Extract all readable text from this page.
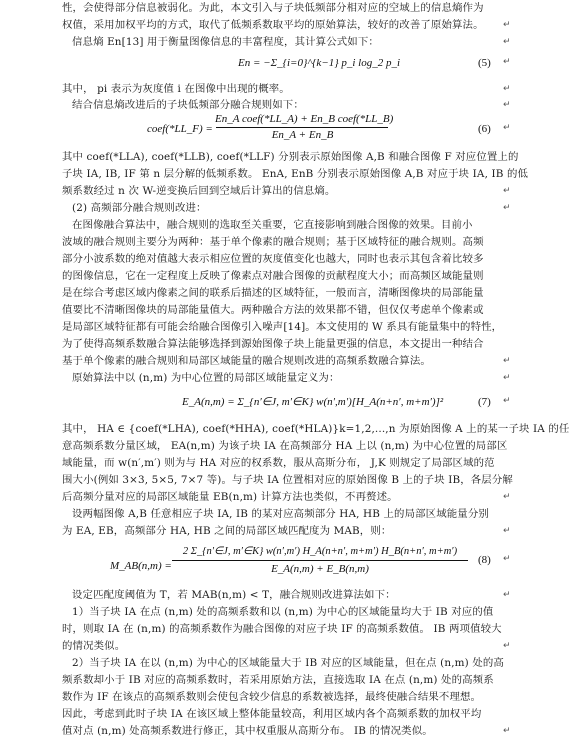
性，会使得部分信息被弱化。为此，本文引入与子块低频部分相对应的空域上的信息熵作为
权值，采用加权平均的方式，取代了低频系数取平均的原始算法，较好的改善了原始算法。
信息熵 En[13] 用于衡量图像信息的丰富程度，其计算公式如下：
En = −Σ_{i=0}^{k−1} p_i log_2 p_i	(5)
其中， pi 表示为灰度值 i 在图像中出现的概率。
结合信息熵改进后的子块低频部分融合规则如下：
coef(*LL_F) =
En_A coef(*LL_A) + En_B coef(*LL_B)
En_A + En_B	(6)
其中 coef(*LLA), coef(*LLB), coef(*LLF) 分别表示原始图像 A,B 和融合图像 F 对应位置上的
子块 IA, IB, IF 第 n 层分解的低频系数。 EnA, EnB 分别表示原始图像 A,B 对应于块 IA, IB 的低
频系数经过 n 次 W-逆变换后回到空域后计算出的信息熵。
(2) 高频部分融合规则改进：
在图像融合算法中，融合规则的选取至关重要，它直接影响到融合图像的效果。目前小
波域的融合规则主要分为两种：基于单个像素的融合规则；基于区域特征的融合规则。高频
部分小波系数的绝对值越大表示相应位置的灰度值变化也越大，同时也表示其包含着比较多
的图像信息，它在一定程度上反映了像素点对融合图像的贡献程度大小；而高频区域能量则
是在综合考虑区域内像素之间的联系后描述的区域特征，一般而言，清晰图像块的局部能量
值要比不清晰图像块的局部能量值大。两种融合方法的效果都不错，但仅仅考虑单个像素或
是局部区域特征都有可能会给融合图像引入噪声[14]。本文使用的 W 系具有能量集中的特性，
为了使得高频系数融合算法能够选择到源始图像子块上能量更强的信息，本文提出一种结合
基于单个像素的融合规则和局部区域能量的融合规则改进的高频系数融合算法。
原始算法中以 (n,m) 为中心位置的局部区域能量定义为：
E_A(n,m) = Σ_{n′∈J, m′∈K} w(n′,m′)[H_A(n+n′, m+m′)]²	(7)
其中， HA ∈ {coef(*LHA), coef(*HHA), coef(*HLA)}k=1,2,...,n 为原始图像 A 上的某一子块 IA 的任
意高频系数分量区域， EA(n,m) 为该子块 IA 在高频部分 HA 上以 (n,m) 为中心位置的局部区
域能量，而 w(n′,m′) 则为与 HA 对应的权系数，服从高斯分布， J,K 则规定了局部区域的范
围大小(例如 3×3, 5×5, 7×7 等)。与子块 IA 位置相对应的原始图像 B 上的子块 IB，各层分解
后高频分量对应的局部区域能量 EB(n,m) 计算方法也类似，不再赘述。
设两幅图像 A,B 任意相应子块 IA, IB 的某对应高频部分 HA, HB 上的局部区域能量分别
为 EA, EB，高频部分 HA, HB 之间的局部区域匹配度为 MAB，则：
M_AB(n,m) =
2 Σ_{n′∈J, m′∈K} w(n′,m′) H_A(n+n′, m+m′) H_B(n+n′, m+m′)
E_A(n,m) + E_B(n,m)
(8)
设定匹配度阈值为 T，若 MAB(n,m) < T，融合规则改进算法如下：
1）当子块 IA 在点 (n,m) 处的高频系数和以 (n,m) 为中心的区域能量均大于 IB 对应的值
时，则取 IA 在 (n,m) 的高频系数作为融合图像的对应子块 IF 的高频系数值。 IB 两项值较大
的情况类似。
2）当子块 IA 在以 (n,m) 为中心的区域能量大于 IB 对应的区域能量，但在点 (n,m) 处的高
频系数却小于 IB 对应的高频系数时，若采用原始方法，直接选取 IA 在点 (n,m) 处的高频系
数作为 IF 在该点的高频系数则会使包含较少信息的系数被选择，最终使融合结果不理想。
因此，考虑到此时子块 IA 在该区域上整体能量较高，利用区域内各个高频系数的加权平均
值对点 (n,m) 处高频系数进行修正，其中权重服从高斯分布。 IB 的情况类似。
↵
↵
↵
↵
↵
↵
↵
↵
↵
↵
↵
↵
↵
↵
↵
↵
↵
